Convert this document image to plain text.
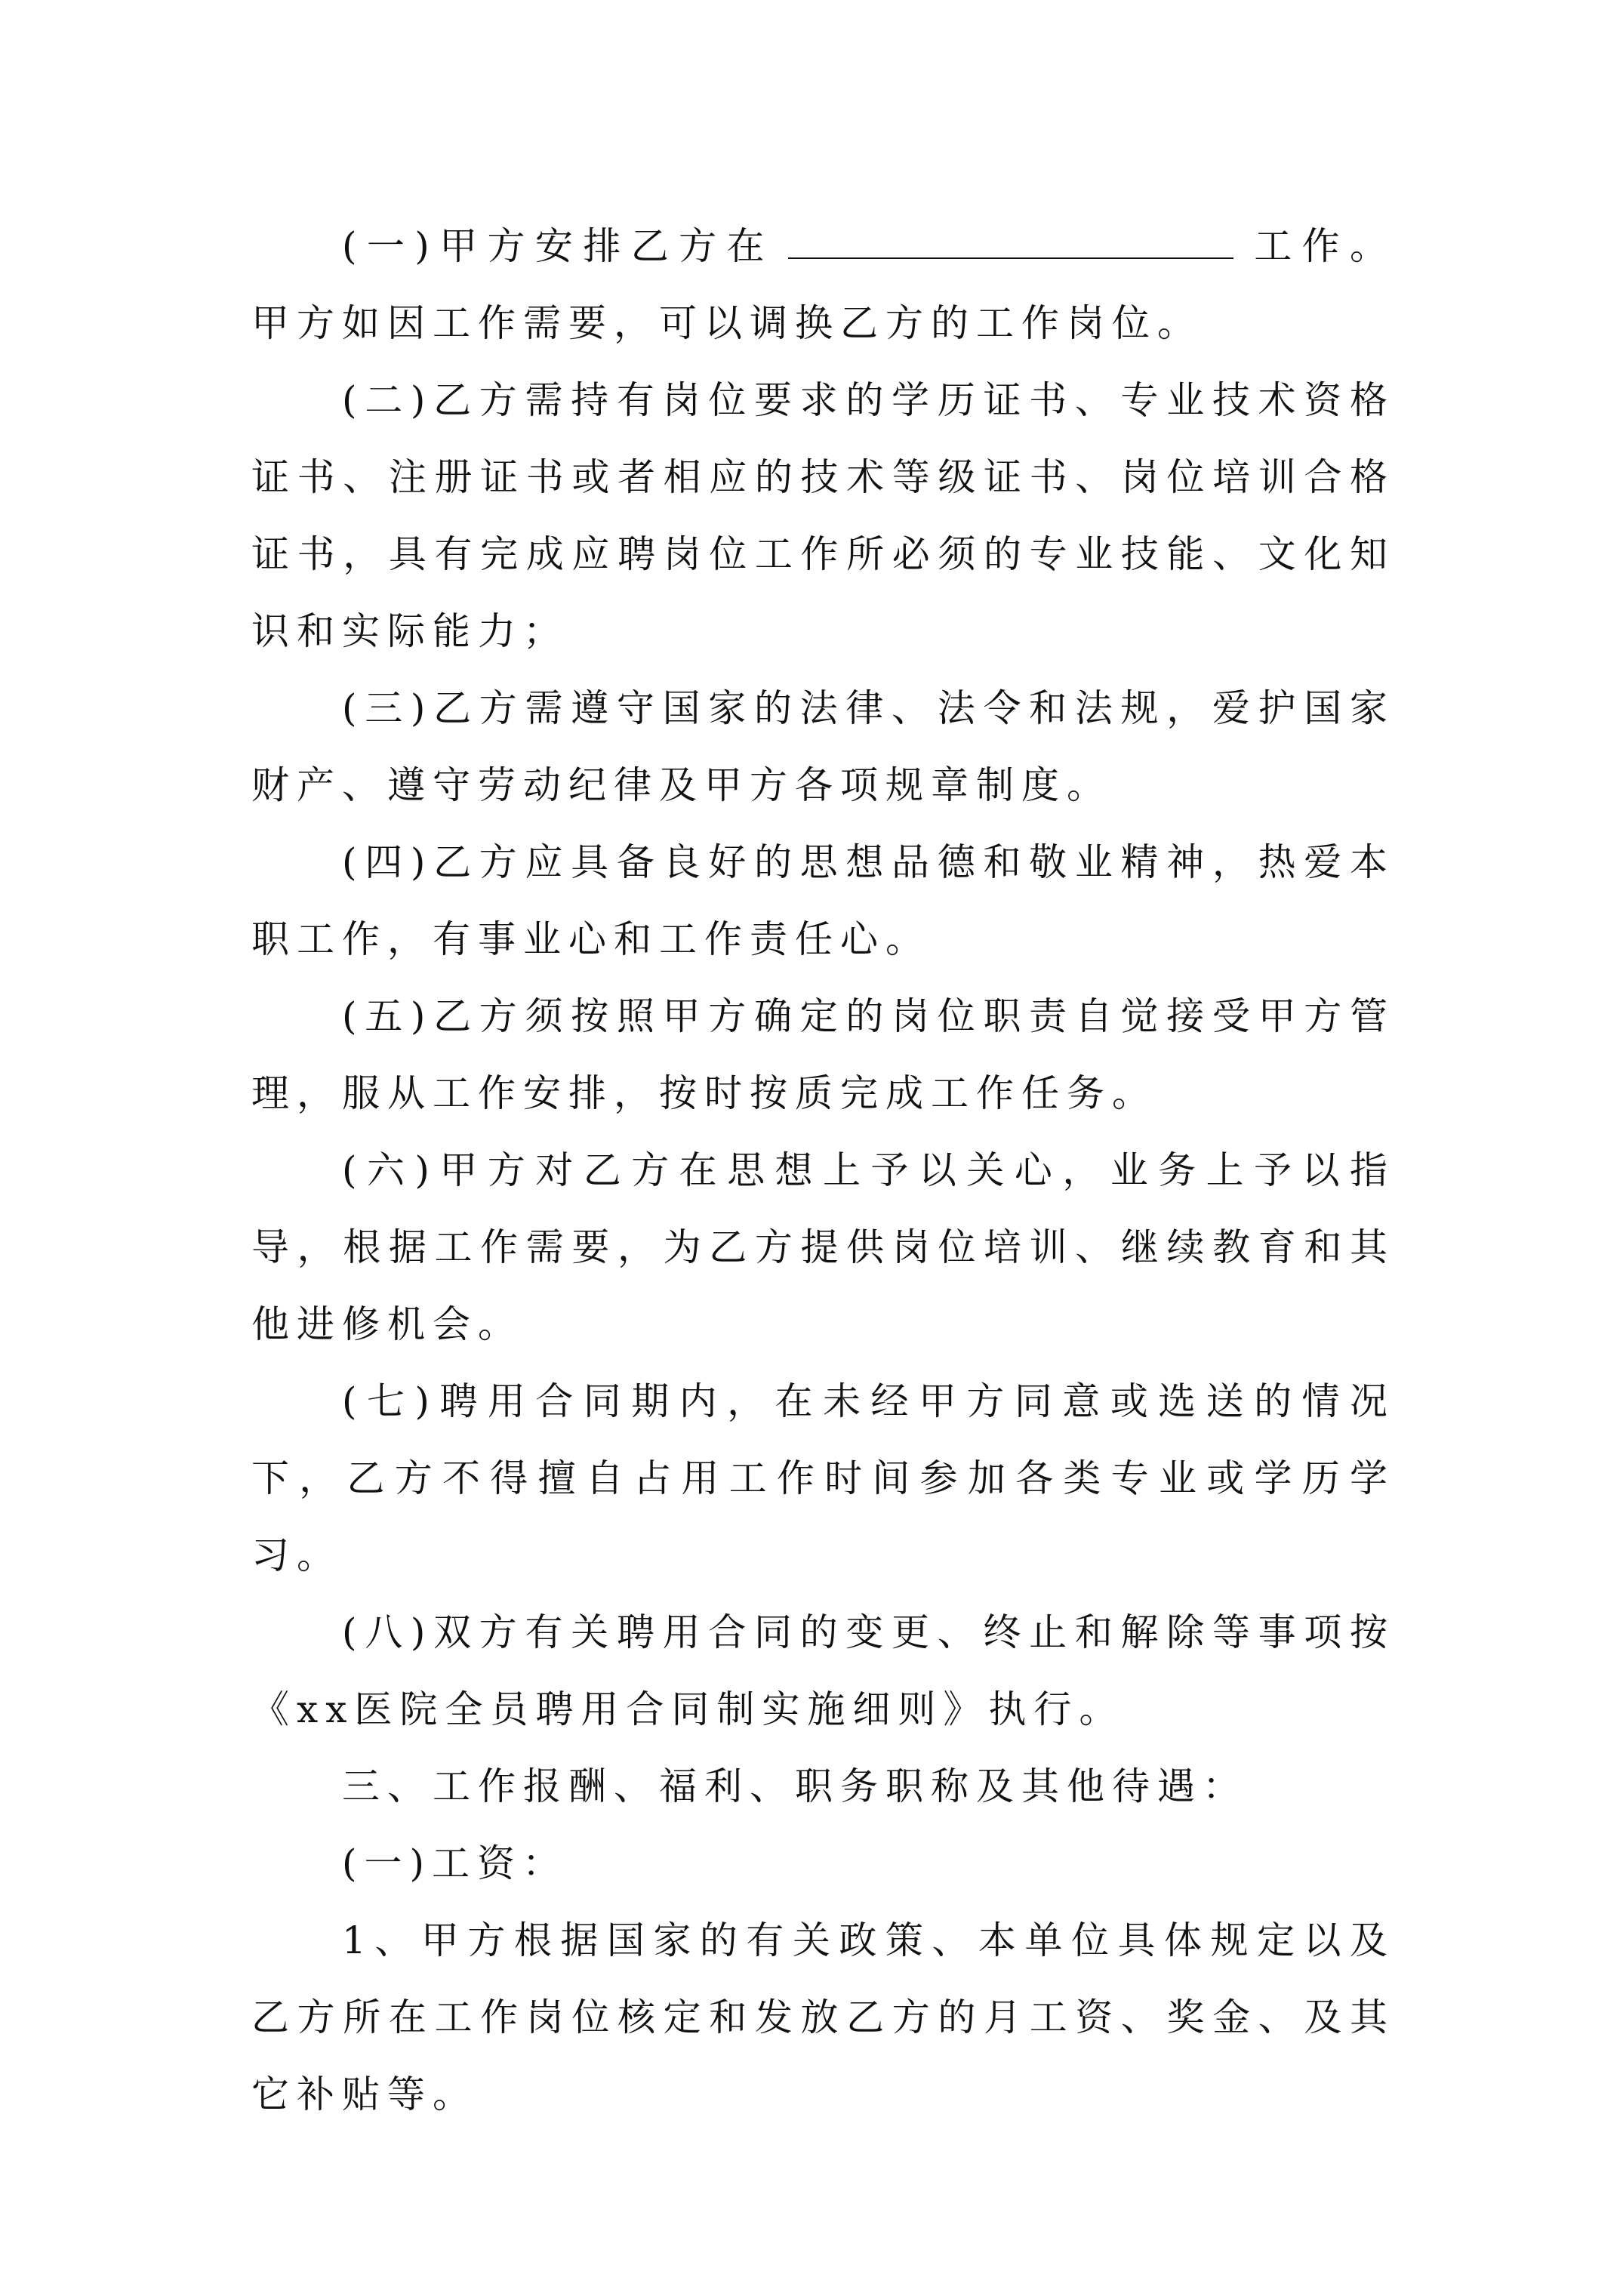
(一)甲方安排乙方在	工作。甲方如因工作需要，可以调换乙方的工作岗位。

(二)乙方需持有岗位要求的学历证书、专业技术资格证书、注册证书或者相应的技术等级证书、岗位培训合格证书，具有完成应聘岗位工作所必须的专业技能、文化知识和实际能力；

(三)乙方需遵守国家的法律、法令和法规，爱护国家财产、遵守劳动纪律及甲方各项规章制度。

(四)乙方应具备良好的思想品德和敬业精神，热爱本职工作，有事业心和工作责任心。

(五)乙方须按照甲方确定的岗位职责自觉接受甲方管理，服从工作安排，按时按质完成工作任务。

(六)甲方对乙方在思想上予以关心，业务上予以指导，根据工作需要，为乙方提供岗位培训、继续教育和其他进修机会。

(七)聘用合同期内，在未经甲方同意或选送的情况下，乙方不得擅自占用工作时间参加各类专业或学历学习。

(八)双方有关聘用合同的变更、终止和解除等事项按《xx医院全员聘用合同制实施细则》执行。

三、工作报酬、福利、职务职称及其他待遇：

(一)工资：

1、甲方根据国家的有关政策、本单位具体规定以及乙方所在工作岗位核定和发放乙方的月工资、奖金、及其它补贴等。
